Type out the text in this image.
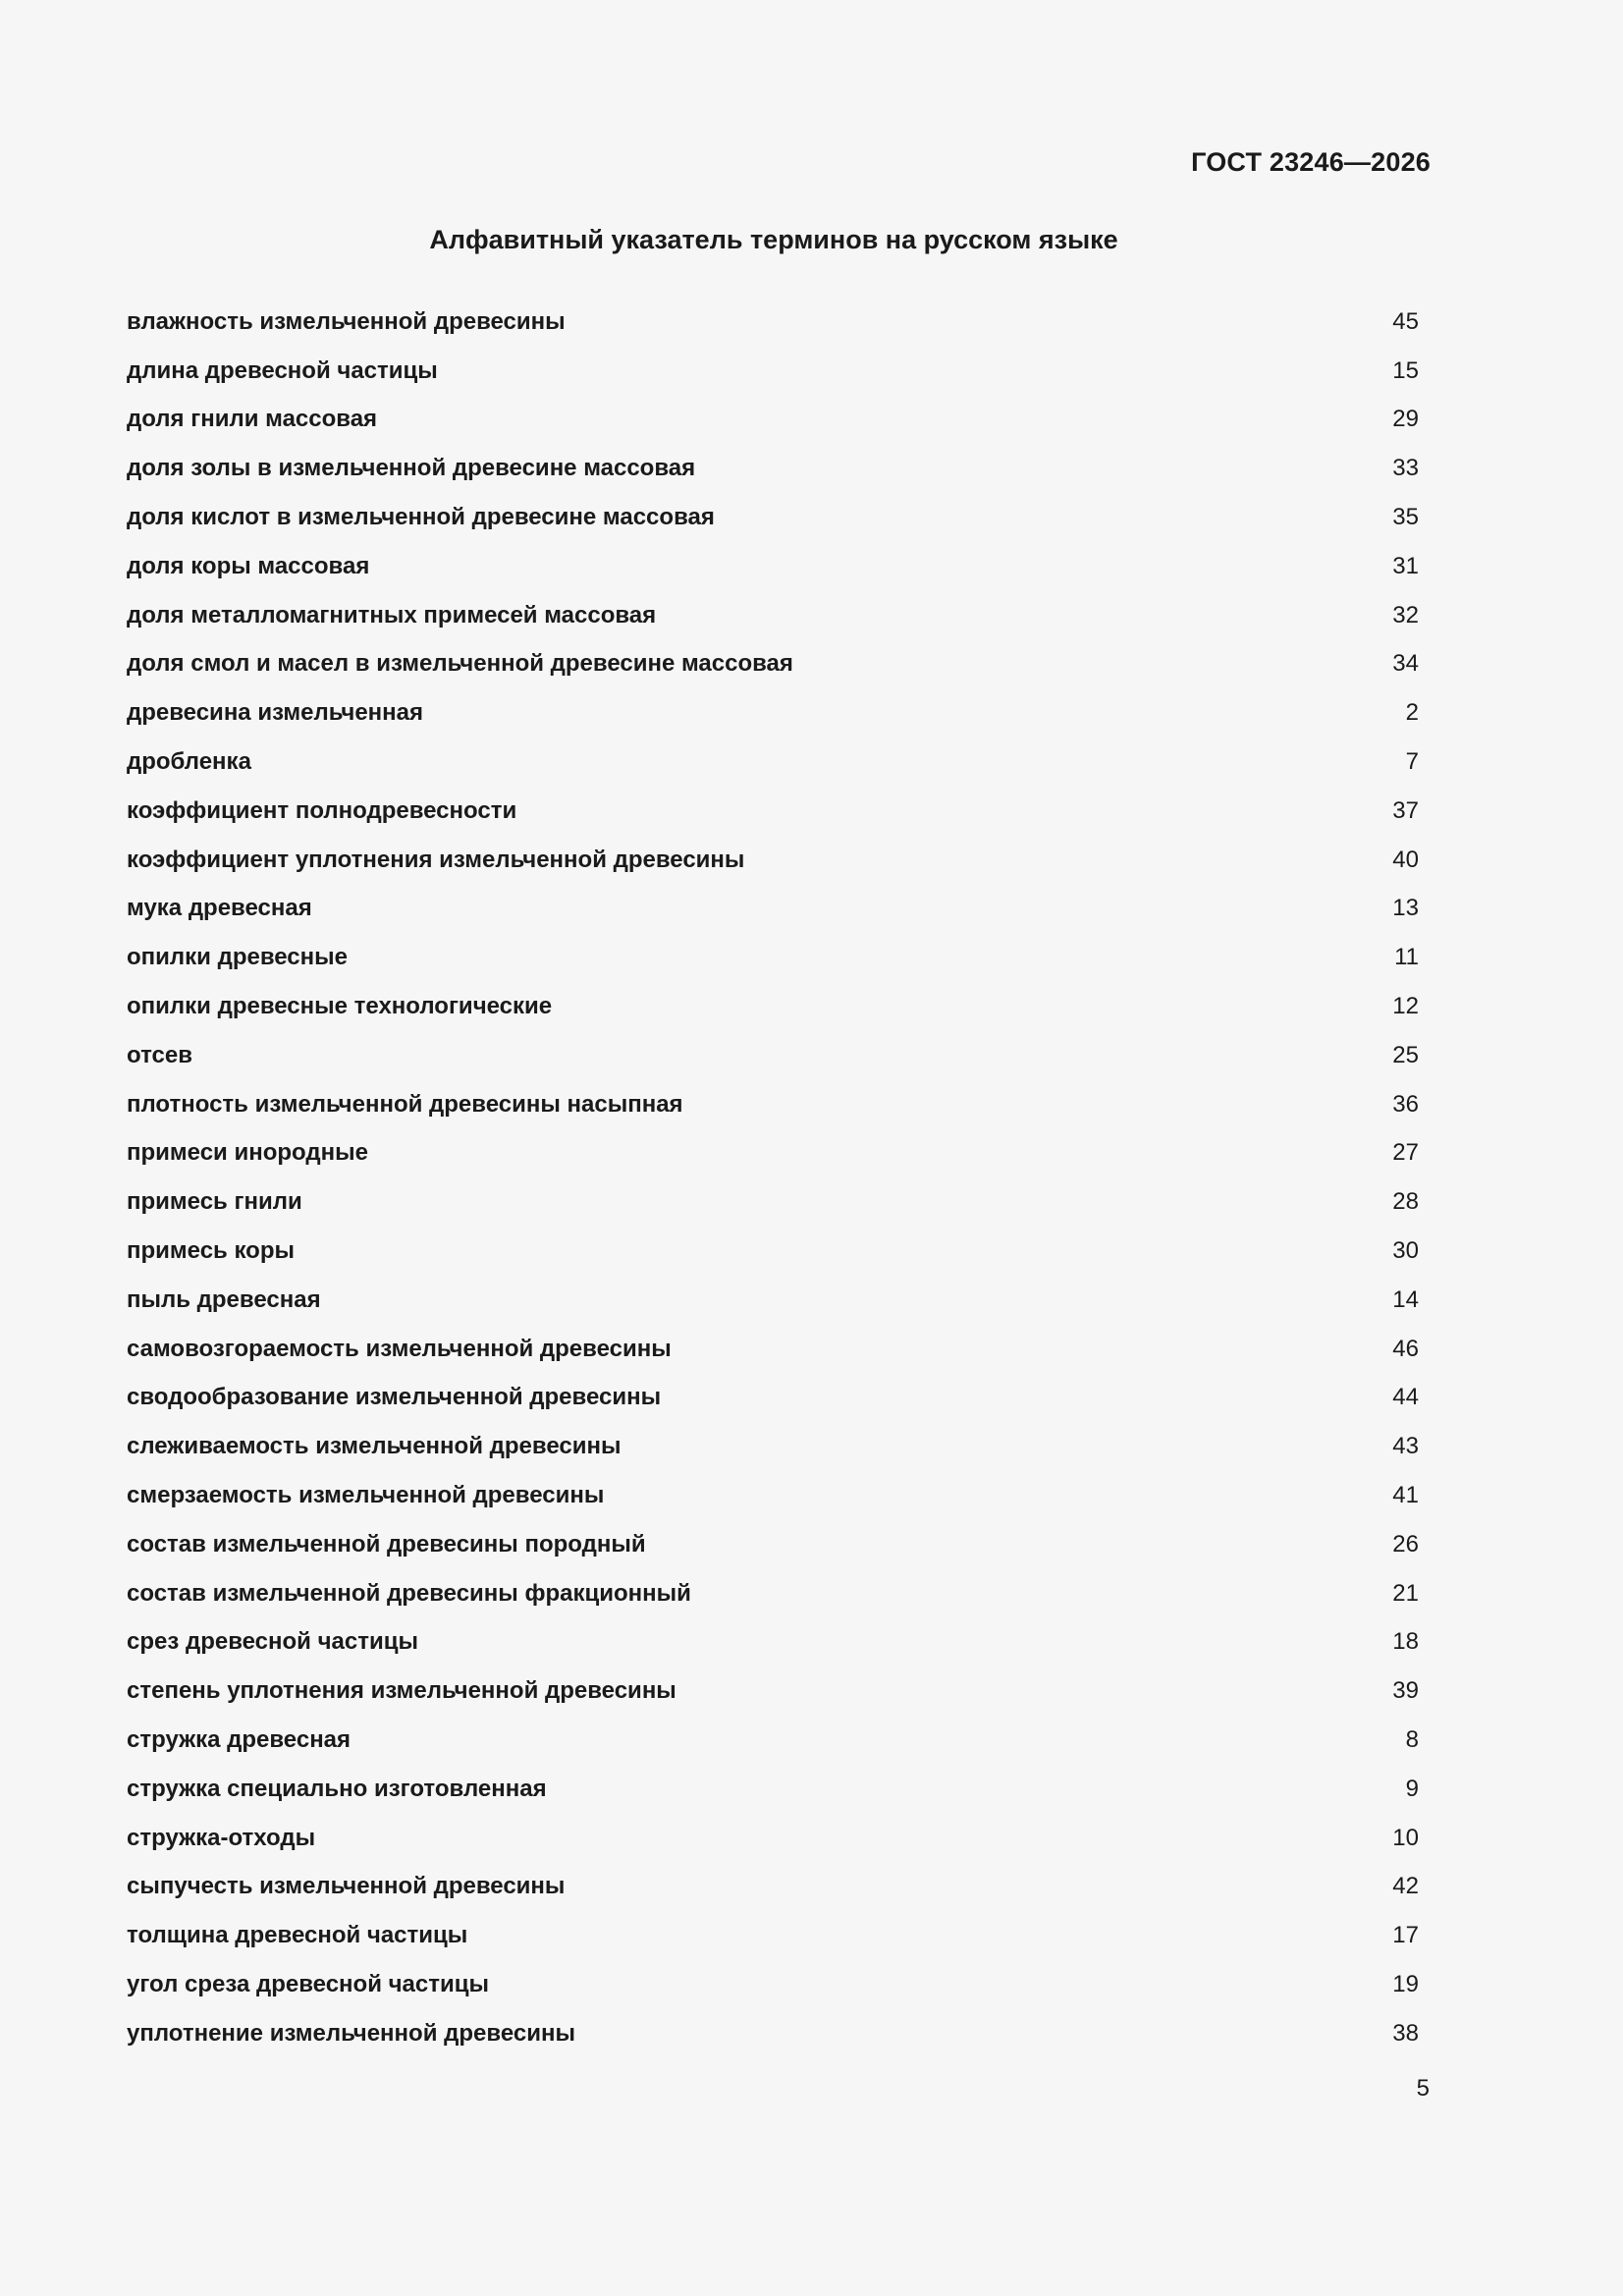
ГОСТ 23246—2026
Алфавитный указатель терминов на русском языке
влажность измельченной древесины	45
длина древесной частицы	15
доля гнили массовая	29
доля золы в измельченной древесине массовая	33
доля кислот в измельченной древесине массовая	35
доля коры массовая	31
доля металломагнитных примесей массовая	32
доля смол и масел в измельченной древесине массовая	34
древесина измельченная	2
дробленка	7
коэффициент полнодревесности	37
коэффициент уплотнения измельченной древесины	40
мука древесная	13
опилки древесные	11
опилки древесные технологические	12
отсев	25
плотность измельченной древесины насыпная	36
примеси инородные	27
примесь гнили	28
примесь коры	30
пыль древесная	14
самовозгораемость измельченной древесины	46
сводообразование измельченной древесины	44
слеживаемость измельченной древесины	43
смерзаемость измельченной древесины	41
состав измельченной древесины породный	26
состав измельченной древесины фракционный	21
срез древесной частицы	18
степень уплотнения измельченной древесины	39
стружка древесная	8
стружка специально изготовленная	9
стружка-отходы	10
сыпучесть измельченной древесины	42
толщина древесной частицы	17
угол среза древесной частицы	19
уплотнение измельченной древесины	38
5
